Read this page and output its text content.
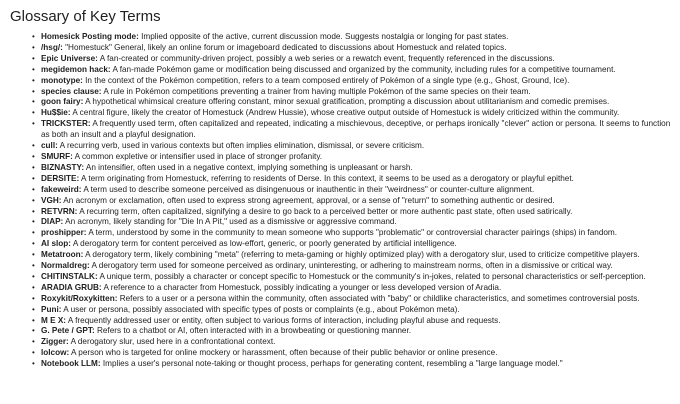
Glossary of Key Terms
• Homesick Posting mode: Implied opposite of the active, current discussion mode. Suggests nostalgia or longing for past states.
• /hsg/: "Homestuck" General, likely an online forum or imageboard dedicated to discussions about Homestuck and related topics.
• Epic Universe: A fan-created or community-driven project, possibly a web series or a rewatch event, frequently referenced in the discussions.
• megidemon hack: A fan-made Pokémon game or modification being discussed and organized by the community, including rules for a competitive tournament.
• monotype: In the context of the Pokémon competition, refers to a team composed entirely of Pokémon of a single type (e.g., Ghost, Ground, Ice).
• species clause: A rule in Pokémon competitions preventing a trainer from having multiple Pokémon of the same species on their team.
• goon fairy: A hypothetical whimsical creature offering constant, minor sexual gratification, prompting a discussion about utilitarianism and comedic premises.
• Hu$$ie: A central figure, likely the creator of Homestuck (Andrew Hussie), whose creative output outside of Homestuck is widely criticized within the community.
• TRICKSTER: A frequently used term, often capitalized and repeated, indicating a mischievous, deceptive, or perhaps ironically "clever" action or persona. It seems to function as both an insult and a playful designation.
• cull: A recurring verb, used in various contexts but often implies elimination, dismissal, or severe criticism.
• SMURF: A common expletive or intensifier used in place of stronger profanity.
• BIZNASTY: An intensifier, often used in a negative context, implying something is unpleasant or harsh.
• DERSITE: A term originating from Homestuck, referring to residents of Derse. In this context, it seems to be used as a derogatory or playful epithet.
• fakeweird: A term used to describe someone perceived as disingenuous or inauthentic in their "weirdness" or counter-culture alignment.
• VGH: An acronym or exclamation, often used to express strong agreement, approval, or a sense of "return" to something authentic or desired.
• RETVRN: A recurring term, often capitalized, signifying a desire to go back to a perceived better or more authentic past state, often used satirically.
• DIAP: An acronym, likely standing for "Die In A Pit," used as a dismissive or aggressive command.
• proshipper: A term, understood by some in the community to mean someone who supports "problematic" or controversial character pairings (ships) in fandom.
• AI slop: A derogatory term for content perceived as low-effort, generic, or poorly generated by artificial intelligence.
• Metatroon: A derogatory term, likely combining "meta" (referring to meta-gaming or highly optimized play) with a derogatory slur, used to criticize competitive players.
• Normaldreg: A derogatory term used for someone perceived as ordinary, uninteresting, or adhering to mainstream norms, often in a dismissive or critical way.
• CHITINSTALK: A unique term, possibly a character or concept specific to Homestuck or the community's in-jokes, related to personal characteristics or self-perception.
• ARADIA GRUB: A reference to a character from Homestuck, possibly indicating a younger or less developed version of Aradia.
• Roxykit/Roxykitten: Refers to a user or a persona within the community, often associated with "baby" or childlike characteristics, and sometimes controversial posts.
• Puni: A user or persona, possibly associated with specific types of posts or complaints (e.g., about Pokémon meta).
• M E X: A frequently addressed user or entity, often subject to various forms of interaction, including playful abuse and requests.
• G. Pete / GPT: Refers to a chatbot or AI, often interacted with in a browbeating or questioning manner.
• Zigger: A derogatory slur, used here in a confrontational context.
• lolcow: A person who is targeted for online mockery or harassment, often because of their public behavior or online presence.
• Notebook LLM: Implies a user's personal note-taking or thought process, perhaps for generating content, resembling a "large language model."
